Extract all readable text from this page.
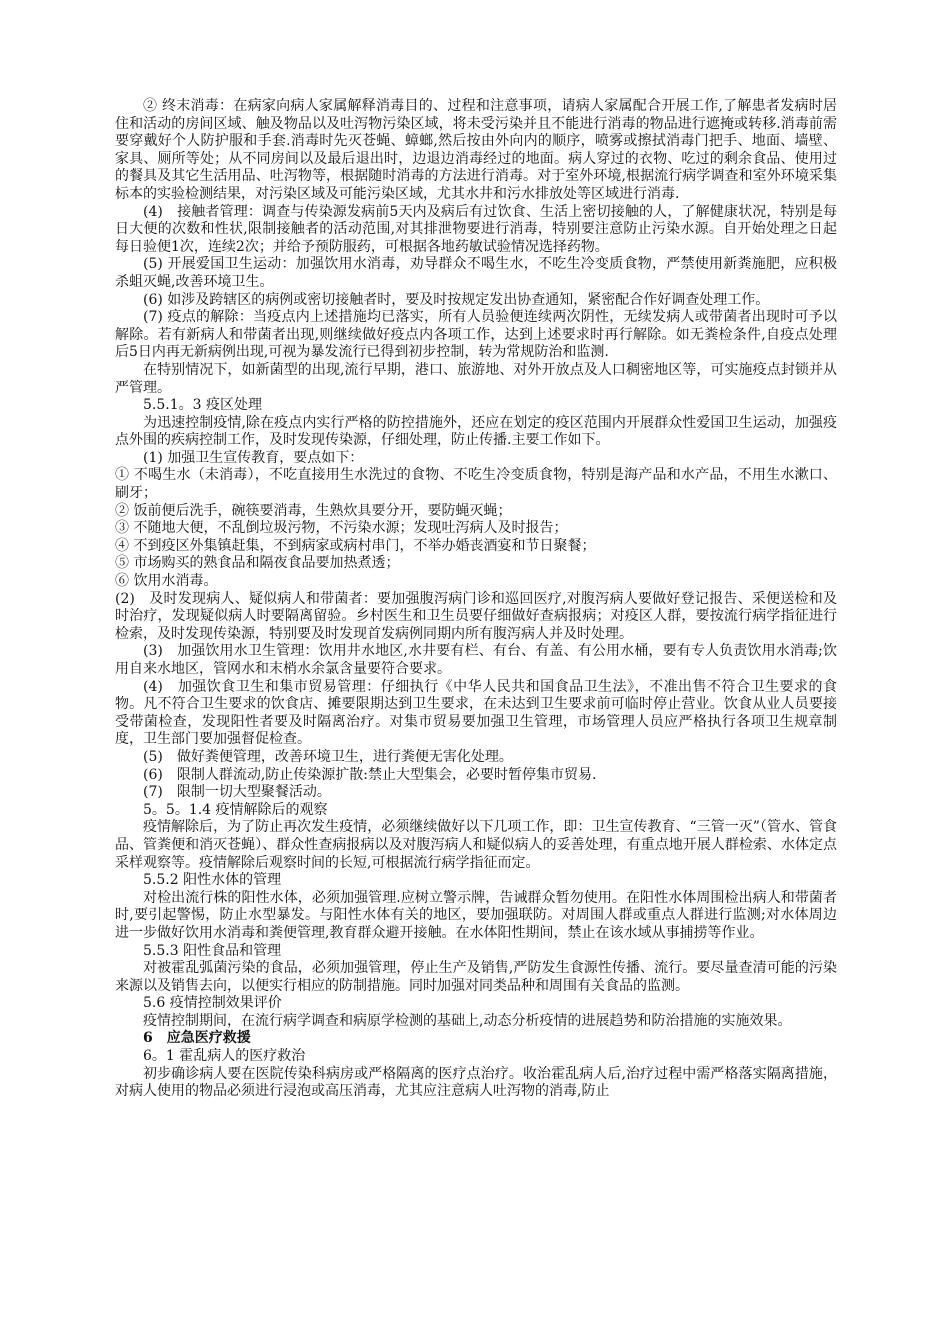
② 终末消毒：在病家向病人家属解释消毒目的、过程和注意事项，请病人家属配合开展工作,了解患者发病时居住和活动的房间区域、触及物品以及吐泻物污染区域，将未受污染并且不能进行消毒的物品进行遮掩或转移.消毒前需要穿戴好个人防护服和手套.消毒时先灭苍蝇、蟑螂,然后按由外向内的顺序，喷雾或擦拭消毒门把手、地面、墙壁、家具、厕所等处；从不同房间以及最后退出时，边退边消毒经过的地面。病人穿过的衣物、吃过的剩余食品、使用过的餐具及其它生活用品、吐泻物等，根据随时消毒的方法进行消毒。对于室外环境,根据流行病学调查和室外环境采集标本的实验检测结果，对污染区域及可能污染区域，尤其水井和污水排放处等区域进行消毒.

(4)　接触者管理：调查与传染源发病前5天内及病后有过饮食、生活上密切接触的人，了解健康状况，特别是每日大便的次数和性状,限制接触者的活动范围,对其排泄物要进行消毒，特别要注意防止污染水源。自开始处理之日起每日验便1次，连续2次；并给予预防服药，可根据各地药敏试验情况选择药物。

(5) 开展爱国卫生运动：加强饮用水消毒，劝导群众不喝生水，不吃生冷变质食物，严禁使用新粪施肥，应积极杀蛆灭蝇,改善环境卫生。

(6) 如涉及跨辖区的病例或密切接触者时，要及时按规定发出协查通知，紧密配合作好调查处理工作。

(7) 疫点的解除：当疫点内上述措施均已落实，所有人员验便连续两次阴性，无续发病人或带菌者出现时可予以解除。若有新病人和带菌者出现,则继续做好疫点内各项工作，达到上述要求时再行解除。如无粪检条件,自疫点处理后5日内再无新病例出现,可视为暴发流行已得到初步控制，转为常规防治和监测.

在特别情况下，如新菌型的出现,流行早期，港口、旅游地、对外开放点及人口稠密地区等，可实施疫点封锁并从严管理。

5.5.1。3 疫区处理

为迅速控制疫情,除在疫点内实行严格的防控措施外，还应在划定的疫区范围内开展群众性爱国卫生运动，加强疫点外围的疾病控制工作，及时发现传染源，仔细处理，防止传播.主要工作如下。

(1) 加强卫生宣传教育，要点如下：

① 不喝生水（未消毒），不吃直接用生水洗过的食物、不吃生冷变质食物，特别是海产品和水产品，不用生水漱口、刷牙；

② 饭前便后洗手，碗筷要消毒，生熟炊具要分开，要防蝇灭蝇；

③ 不随地大便，不乱倒垃圾污物，不污染水源；发现吐泻病人及时报告；

④ 不到疫区外集镇赶集，不到病家或病村串门，不举办婚丧酒宴和节日聚餐；

⑤ 市场购买的熟食品和隔夜食品要加热煮透；

⑥ 饮用水消毒。

(2)　及时发现病人、疑似病人和带菌者：要加强腹泻病门诊和巡回医疗,对腹泻病人要做好登记报告、采便送检和及时治疗，发现疑似病人时要隔离留验。乡村医生和卫生员要仔细做好查病报病；对疫区人群，要按流行病学指征进行检索，及时发现传染源，特别要及时发现首发病例同期内所有腹泻病人并及时处理。

(3)　加强饮用水卫生管理：饮用井水地区,水井要有栏、有台、有盖、有公用水桶，要有专人负责饮用水消毒;饮用自来水地区，管网水和末梢水余氯含量要符合要求。

(4)　加强饮食卫生和集市贸易管理：仔细执行《中华人民共和国食品卫生法》，不准出售不符合卫生要求的食物。凡不符合卫生要求的饮食店、摊要限期达到卫生要求，在未达到卫生要求前可临时停止营业。饮食从业人员要接受带菌检查，发现阳性者要及时隔离治疗。对集市贸易要加强卫生管理，市场管理人员应严格执行各项卫生规章制度，卫生部门要加强督促检查。

(5)　做好粪便管理，改善环境卫生，进行粪便无害化处理。

(6)　限制人群流动,防止传染源扩散:禁止大型集会，必要时暂停集市贸易.

(7)　限制一切大型聚餐活动。

5。5。1.4 疫情解除后的观察

疫情解除后，为了防止再次发生疫情，必须继续做好以下几项工作，即：卫生宣传教育、“三管一灭”（管水、管食品、管粪便和消灭苍蝇）、群众性查病报病以及对腹泻病人和疑似病人的妥善处理，有重点地开展人群检索、水体定点采样观察等。疫情解除后观察时间的长短,可根据流行病学指征而定。

5.5.2 阳性水体的管理

对检出流行株的阳性水体，必须加强管理.应树立警示牌，告诫群众暂勿使用。在阳性水体周围检出病人和带菌者时,要引起警惕，防止水型暴发。与阳性水体有关的地区，要加强联防。对周围人群或重点人群进行监测;对水体周边进一步做好饮用水消毒和粪便管理,教育群众避开接触。在水体阳性期间，禁止在该水域从事捕捞等作业。

5.5.3 阳性食品和管理

对被霍乱弧菌污染的食品，必须加强管理，停止生产及销售,严防发生食源性传播、流行。要尽量查清可能的污染来源以及销售去向，以便实行相应的防制措施。同时加强对同类品种和周围有关食品的监测。

5.6 疫情控制效果评价

疫情控制期间，在流行病学调查和病原学检测的基础上,动态分析疫情的进展趋势和防治措施的实施效果。

6　应急医疗救援

6。1 霍乱病人的医疗救治

初步确诊病人要在医院传染科病房或严格隔离的医疗点治疗。收治霍乱病人后,治疗过程中需严格落实隔离措施，对病人使用的物品必须进行浸泡或高压消毒，尤其应注意病人吐泻物的消毒,防止
